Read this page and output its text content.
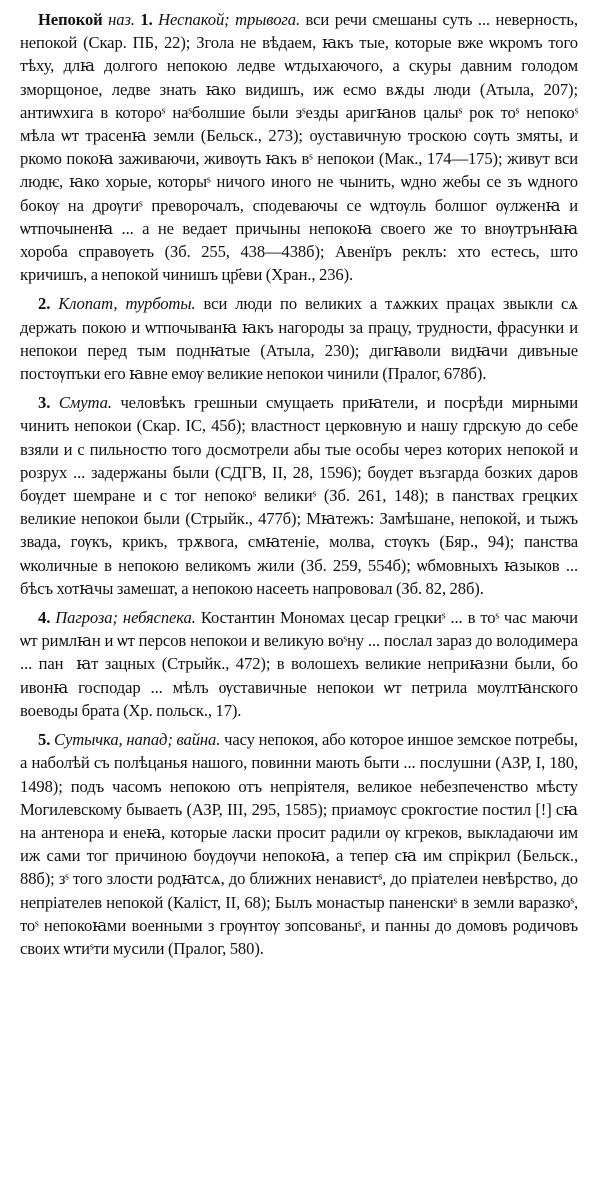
Непокой наз. 1. Неспакой; трывога. вси речи смешаны суть ... неверность, непокой (Скар. ПБ, 22); Згола не вѣдаем, ꙗкъ тые, которые вже ѡкромъ того тѣху, длꙗ долгого непокою ледве ѡтдыхаючого, а скуры давним голодом зморщоное, ледве знать ꙗко видишъ, иж есмо вѫды люди (Атыла, 207); антиѡхига в котороˢ наˢболшие были зˢезды аригꙗнов цалыˢ рок тоˢ непокоˢ мѣла ѡт трасенꙗ земли (Бельск., 273); оуставичную троскою сѹть змяты, и ркомо покоꙗ заживаючи, живѹть ꙗкъ вˢ непокои (Мак., 174—175); живут вси людѥ, ꙗко хорые, которыˢ ничого иного не чынить, ѡдно жебы се зъ ѡдного бокѹ на дрѹгиˢ преворочалъ, сподеваючы се ѡдтѹль болшог ѹлженꙗ и ѡтпочыненꙗ ... а не ведает причыны непокоꙗ своего же то внѹтрънꙗꙗ хороба справѹеть (Зб. 255, 438—438б); Авенїръ реклъ: хто естесь, што кричишъ, а непокой чинишъ цр҃еви (Хран., 236).

2. Клопат, турботы. вси люди по великих а тѧжких працах звыкли сѧ держать покою и ѡтпочыванꙗ ꙗкъ нагороды за працу, трудности, фрасунки и непокои перед тым поднꙗтые (Атыла, 230); дигꙗволи видꙗчи дивъные постѹпъки его ꙗвне емѹ великие непокои чинили (Пралог, 678б).

3. Смута. человѣкъ грешныи смущаеть приꙗтели, и посрѣди мирными чинить непокои (Скар. ІС, 45б); властност церковную и нашу гдрскую до себе взяли и с пильностю того досмотрели абы тые особы через которих непокой и розрух ... задержаны были (СДГВ, ІІ, 28, 1596); бѹдет възгарда бозких даров бѹдет шемране и с тог непокоˢ великиˢ (Зб. 261, 148); в панствах грецких великие непокои были (Стрыйк., 477б); Мꙗтежъ: Замѣшане, непокой, и тыжъ звада, гѹкъ, крикъ, трѫвога, смꙗтеніе, молва, стѹкъ (Бяр., 94); панства ѡколичные в непокою великомъ жили (Зб. 259, 554б); ѡбмовныхъ ꙗзыков ... бѣсъ хотꙗчы замешат, а непокою насееть напрововал (Зб. 82, 28б).

4. Пагроза; небяспека. Костантин Мономах цесар грецкиˢ ... в тоˢ час маючи ѡт римлꙗн и ѡт персов непокои и великую воˢну ... послал зараз до володимера ... пан꙼ꙗт зацных (Стрыйк., 472); в волошехъ великие неприꙗзни были, бо ивонꙗ господар ... мѣлъ ѹставичные непокои ѡт петрила мѹлтꙗнского воеводы брата (Хр. польск., 17).

5. Сутычка, напад; вайна. часу непокоя, або которое иншое земское потребы, а наболѣй съ полѣцанья нашого, повинни мають быти ... послушни (АЗР, І, 180, 1498); подъ часомъ непокою отъ непріятеля, великое небезпеченство мѣсту Могилевскому бываеть (АЗР, ІІІ, 295, 1585); приамѹс срокгостие постил [!] сꙗ на антенора и енеꙗ, которые ласки просит радили ѹ кгреков, выкладаючи им иж сами тог причиною бѹдѹчи непокоꙗ, а тепер сꙗ им спрікрил (Бельск., 88б); зˢ того злости родꙗтсѧ, до ближних ненавистˢ, до пріателеи невѣрство, до непріателев непокой (Каліст, ІІ, 68); Былъ монастыр паненскиˢ в земли варазкоˢ, тоˢ непокоꙗми военными з грѹнтѹ зопсованыˢ, и панны до домовъ родичовъ своих ѡтиˢти мусили (Пралог, 580).
